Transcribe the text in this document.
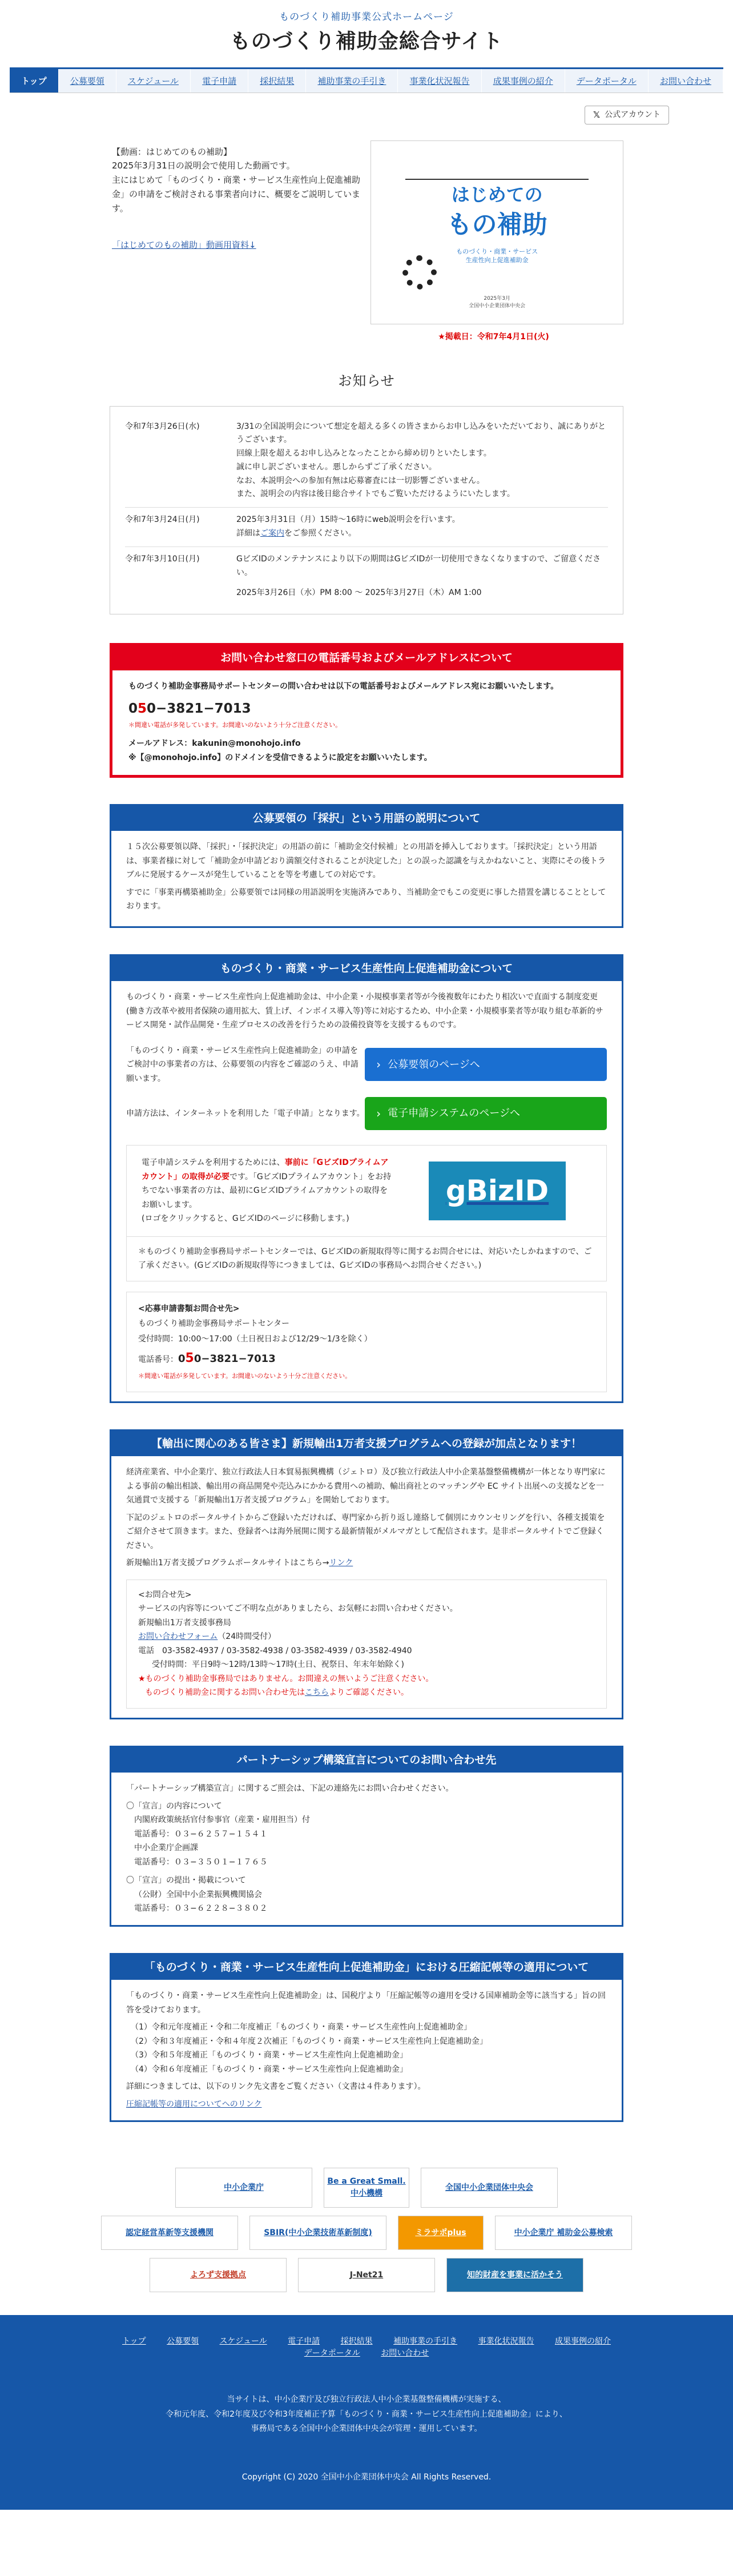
ものづくり補助事業公式ホームページ
ものづくり補助金総合サイト
トップ	公募要領	スケジュール	電子申請	採択結果	補助事業の手引き	事業化状況報告	成果事例の紹介	データポータル	お問い合わせ
𝕏 公式アカウント
【動画：はじめてのもの補助】
2025年3月31日の説明会で使用した動画です。
主にはじめて「ものづくり・商業・サービス生産性向上促進補助金」の申請をご検討される事業者向けに、概要をご説明しています。
「はじめてのもの補助」動画用資料↓
はじめての
もの補助
ものづくり・商業・サービス
生産性向上促進補助金
2025年3月
全国中小企業団体中央会
★掲載日：令和7年4月1日(火)
お知らせ
令和7年3月26日(水)	3/31の全国説明会について想定を超える多くの皆さまからお申し込みをいただいており、誠にありがとうございます。

回線上限を超えるお申し込みとなったことから締め切りといたします。

誠に申し訳ございません。悪しからずご了承ください。

なお、本説明会への参加有無は応募審査には一切影響ございません。

また、説明会の内容は後日総合サイトでもご覧いただけるようにいたします。

令和7年3月24日(月)	2025年3月31日（月）15時〜16時にweb説明会を行います。

詳細はご案内をご参照ください。

令和7年3月10日(月)	GビズIDのメンテナンスにより以下の期間はGビズIDが一切使用できなくなりますので、ご留意ください。

2025年3月26日（水）PM 8:00 〜 2025年3月27日（木）AM 1:00

お問い合わせ窓口の電話番号およびメールアドレスについて
ものづくり補助金事務局サポートセンターの問い合わせは以下の電話番号およびメールアドレス宛にお願いいたします。
050−3821−7013
＊間違い電話が多発しています。お間違いのないよう十分ご注意ください。
メールアドレス：kakunin@monohojo.info
※【@monohojo.info】のドメインを受信できるように設定をお願いいたします。
公募要領の「採択」という用語の説明について

１５次公募要領以降、「採択」・「採択決定」の用語の前に「補助金交付候補」との用語を挿入しております。「採択決定」という用語は、事業者様に対して「補助金が申請どおり満額交付されることが決定した」との誤った認識を与えかねないこと、実際にその後トラブルに発展するケースが発生していることを等を考慮しての対応です。

すでに「事業再構築補助金」公募要領では同様の用語説明を実施済みであり、当補助金でもこの変更に事した措置を講じることとしております。

ものづくり・商業・サービス生産性向上促進補助金について

ものづくり・商業・サービス生産性向上促進補助金は、中小企業・小規模事業者等が今後複数年にわたり相次いで直面する制度変更(働き方改革や被用者保険の適用拡大、賃上げ、インボイス導入等)等に対応するため、中小企業・小規模事業者等が取り組む革新的サービス開発・試作品開発・生産プロセスの改善を行うための設備投資等を支援するものです。

「ものづくり・商業・サービス生産性向上促進補助金」の申請をご検討中の事業者の方は、公募要領の内容をご確認のうえ、申請願います。
› 公募要領のページへ
申請方法は、インターネットを利用した「電子申請」となります。 › 電子申請システムのページへ
電子申請システムを利用するためには、事前に「GビズIDプライムアカウント」の取得が必要です。「GビズIDプライムアカウント」をお持ちでない事業者の方は、最初にGビズIDプライムアカウントの取得をお願いします。
(ロゴをクリックすると、GビズIDのページに移動します。)
gBizID
＊ものづくり補助金事務局サポートセンターでは、GビズIDの新規取得等に関するお問合せには、対応いたしかねますので、ご了承ください。(GビズIDの新規取得等につきましては、GビズIDの事務局へお問合せください。)
<応募申請書類お問合せ先>
ものづくり補助金事務局サポートセンター
受付時間：10:00〜17:00（土日祝日および12/29〜1/3を除く）
電話番号：050−3821−7013
＊間違い電話が多発しています。お間違いのないよう十分ご注意ください。
【輸出に関心のある皆さま】新規輸出1万者支援プログラムへの登録が加点となります！

経済産業省、中小企業庁、独立行政法人日本貿易振興機構（ジェトロ）及び独立行政法人中小企業基盤整備機構が一体となり専門家による事前の輸出相談、輸出用の商品開発や売込みにかかる費用への補助、輸出商社とのマッチングや EC サイト出展への支援などを一気通貫で支援する「新規輸出1万者支援プログラム」を開始しております。

下記のジェトロのポータルサイトからご登録いただければ、専門家から折り返し連絡して個別にカウンセリングを行い、各種支援策をご紹介させて頂きます。また、登録者へは海外展開に関する最新情報がメルマガとして配信されます。是非ポータルサイトでご登録ください。

新規輸出1万者支援プログラムポータルサイトはこちら→リンク

<お問合せ先>
サービスの内容等についてご不明な点がありましたら、お気軽にお問い合わせください。
新規輸出1万者支援事務局
お問い合わせフォーム（24時間受付）
電話　03-3582-4937 / 03-3582-4938 / 03-3582-4939 / 03-3582-4940
受付時間：平日9時〜12時/13時〜17時(土日、祝祭日、年末年始除く)
★ものづくり補助金事務局ではありません。お間違えの無いようご注意ください。
ものづくり補助金に関するお問い合わせ先はこちらよりご確認ください。
パートナーシップ構築宣言についてのお問い合わせ先

「パートナーシップ構築宣言」に関するご照会は、下記の連絡先にお問い合わせください。

〇「宣言」の内容について
内閣府政策統括官付参事官（産業・雇用担当）付
電話番号：０３−６２５７−１５４１
中小企業庁企画課
電話番号：０３−３５０１−１７６５
〇「宣言」の提出・掲載について
（公財）全国中小企業振興機関協会
電話番号：０３−６２２８−３８０２
「ものづくり・商業・サービス生産性向上促進補助金」における圧縮記帳等の適用について

「ものづくり・商業・サービス生産性向上促進補助金」は、国税庁より「圧縮記帳等の適用を受ける国庫補助金等に該当する」旨の回答を受けております。

（1）令和元年度補正・令和二年度補正「ものづくり・商業・サービス生産性向上促進補助金」
（2）令和３年度補正・令和４年度２次補正「ものづくり・商業・サービス生産性向上促進補助金」
（3）令和５年度補正「ものづくり・商業・サービス生産性向上促進補助金」
（4）令和６年度補正「ものづくり・商業・サービス生産性向上促進補助金」

詳細につきましては、以下のリンク先文書をご覧ください（文書は４件あります）。

圧縮記帳等の適用についてへのリンク
中小企業庁
Be a Great Small. 中小機構
全国中小企業団体中央会
認定経営革新等支援機関	SBIR(中小企業技術革新制度)	ミラサポplus	中小企業庁 補助金公募検索
よろず支援拠点	J-Net21	知的財産を事業に活かそう
トップ	公募要領	スケジュール	電子申請	採択結果	補助事業の手引き	事業化状況報告	成果事例の紹介 データポータル	お問い合わせ
当サイトは、中小企業庁及び独立行政法人中小企業基盤整備機構が実施する、
令和元年度、令和2年度及び令和3年度補正予算「ものづくり・商業・サービス生産性向上促進補助金」により、
事務局である全国中小企業団体中央会が管理・運用しています。
Copyright (C) 2020 全国中小企業団体中央会 All Rights Reserved.
